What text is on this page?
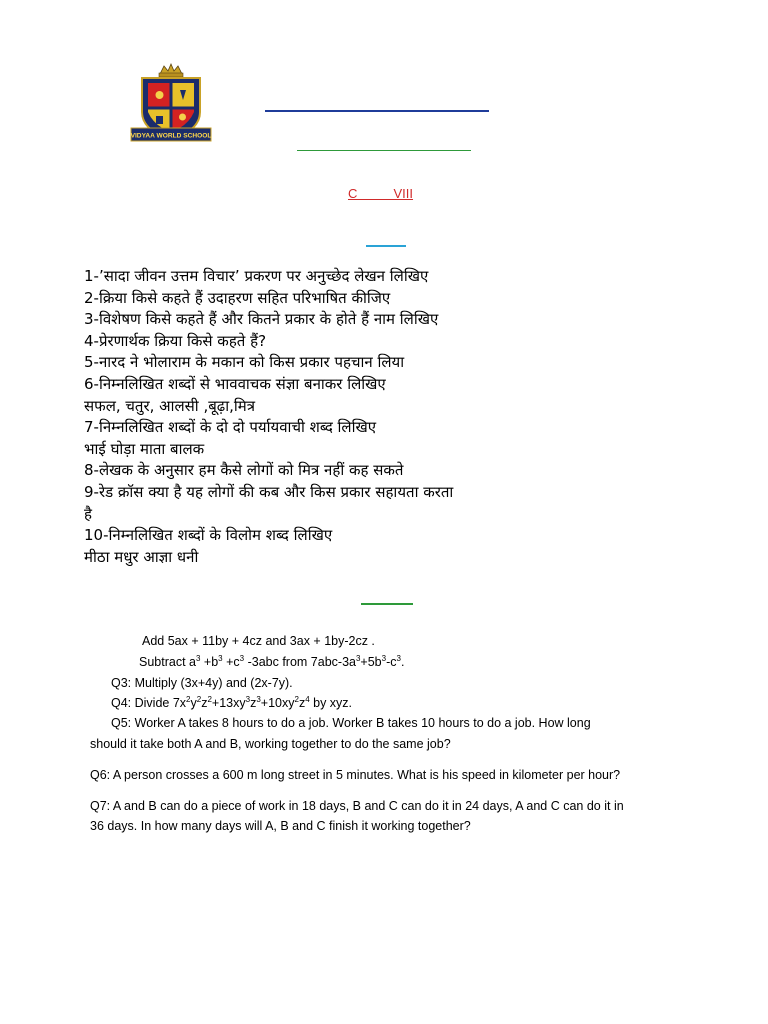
VIDYAA WORLD SCHOOL
C          VIII
1-’सादा जीवन उत्तम विचार’ प्रकरण पर अनुच्छेद लेखन लिखिए
2-क्रिया किसे कहते हैं उदाहरण सहित परिभाषित कीजिए
3-विशेषण किसे कहते हैं और कितने प्रकार के होते हैं नाम लिखिए
4-प्रेरणार्थक क्रिया किसे कहते हैं?
5-नारद ने भोलाराम के मकान को किस प्रकार पहचान लिया
6-निम्नलिखित शब्दों से भाववाचक संज्ञा बनाकर लिखिए
सफल, चतुर, आलसी ,बूढ़ा,मित्र
7-निम्नलिखित शब्दों के दो दो पर्यायवाची शब्द लिखिए
भाई घोड़ा माता बालक
8-लेखक के अनुसार हम कैसे लोगों को मित्र नहीं कह सकते
9-रेड क्रॉस क्या है यह लोगों की कब और किस प्रकार सहायता करता
है
10-निम्नलिखित शब्दों के विलोम शब्द लिखिए
मीठा मधुर आज्ञा धनी
Add 5ax + 11by + 4cz and 3ax + 1by-2cz .
Subtract $a^3 +b^3 +c^3$ -3abc from $7abc-3a^3+5b^3-c^3$.
Q3: Multiply (3x+4y) and (2x-7y).
Q4: Divide $7x^2y^2z^2+13xy^3z^3+10xy^2z^4$ by xyz.
Q5: Worker A takes 8 hours to do a job. Worker B takes 10 hours to do a job. How long
should it take both A and B, working together to do the same job?
Q6: A person crosses a 600 m long street in 5 minutes. What is his speed in kilometer per hour?
Q7: A and B can do a piece of work in 18 days, B and C can do it in 24 days, A and C can do it in
36 days. In how many days will A, B and C finish it working together?
